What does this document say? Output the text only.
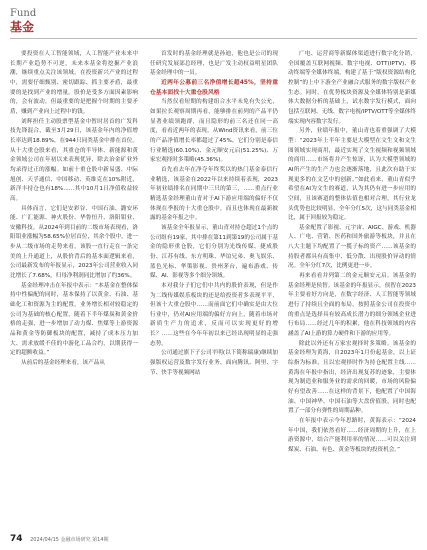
Fund
基金

要投资在人工智能领域，人工智能产业未来中长期产业趋势不可逆，未来本基金将挖掘产业浪潮，继续重点关注该领域。在投资新兴产业的过程中，需要仔细甄别、密切跟踪、抓主要矛盾，最重要的是找到产业的增量。股价是受多方面因素影响的，会有波动，但最重要的是把握个时期的主要矛盾，赚到产业向上过程中的钱。

刘辉担任主动股票型基金中暂时居首的广发科技先锋混合，截至3月29日，该基金年内的净值增长率达到18.89%，在944只同类基金中排在首位。从十大重仓股来看，其重仓的半导体、新能源和黄金领域公司在年初以来表现优异，除去治金矿业外均录得过正的涨幅。如前十重仓股中新易盛、中际旭创、天孚通信、中国移动、英维克在10%附近，新洋丰持仓也有18%……其中10月1日净值收益较高。

具体而言，它们是安彩谷、中国石油、潞安环能、广汇能源、神火股份、华鲁恒升、洛阳钼业、安徽科技。从2024年到目前的二级市场表现看，洛阳钼业涨幅为58.65%位居首位，其余个股中，进一步从二级市场的走势来看，该股一直行走在一条完美的上升通道上，从股价背后的基本面逻辑来看，公司最新发布的年报显示，2023年公司营业收入同比增长了7.68%，归母净利润同比增加了约36%。

基金经理冲击在年报中表示：“本基金在整体保持中性偏配的同时，基本保持了以黄金、石油、基础化工和资源为主的配置，业务增长相对较稳定的公司为基础的核心配置，随着下半年煤炭和黄金价格的走强，进一步增加了动力煤、焦煤等上游资源品和黄金等防御板块的配置，减持了成本压力加大、需求放缓不佳的中游化工品合约，以期获得一定的超额收益。”

从前后的基金经理来看，该产品从

首发时的基金经理就是孙迪，他也是公司的现任研究发展部总经理，也是广发主动权益明星团队基金经理中的一员。

近两年公募前三名净值增长超45%，坚持重仓基本面找十大重仓股风格

当然仅看短期的构建组合水平未免有失公允，如果拉长观察周期再看，能够排在前列的产品平仍显著业绩领跑群，而且隐形的前三名还在同一高度，看看近两年的表现。从Wind资讯来看，前三位的产品净值增长率都超过了45%，它们分别是泰信行业精选(60.10%)、金元顺安元启(51.25%)、万家宏观择时多策略(45.36%)。

首先看去年在净夺年终奖以的热门基金泰信行业精选，该基金在2022年以来持续着表现，2023年初业绩排名在同期中三只的第三，……重点行业精选基金经理董山青对于AI下游应用端的偏好不仅体现在季报的十大重仓股中，而且也体现在最新披露的基金年报之中。

该基金全年报显示，董山青对持仓超过1个点的公司组有19家，其中排在第11到第19的公司属于基金的隐形重仓股，它们分别为光线传媒、捷成股份、江苏有线、东方明珠、华谊兄弟、奥飞娱乐、蓝色光标、华策影视、贵州茅台，遍布游戏、传媒、AI、影视等多个细分领域。

本对我分子们它们中共内的股价表现，但是作为二线传媒娱乐板块的还是给投资者多表现平平，但该十大重仓股中……而前面它们中确实是由大位行业中，仍对AI应用端的偏好方向上，随着市场对新质生产力的追求，反而可以实现更好的增长？……这些在今年年初以来已经出现明显的走强态势。

公司通过旗下子公司平明(以下简称瑞康)继续加强版权运营及数字发行业务，面向腾讯、阿里、字节、快手等视频网站

广电、运营商等新媒体渠道进行数字化分销，全国覆盖互联网视频、数字电视、OTT(IPTV)、移动终端等全媒体终端，构建了基于“版权资源结构化控制”的上中下游全产业融合式服务的数字版权产业生态。同时，在优势板块资源及全媒体特别是新媒体大数据分析的基础上，试水数字发行模式，面向包括互联网、无线、数字电视/IPTV/OTT等全媒体终端实现内容数字发行。

另外，业绩年报中，董山青也着重强调了大模型：“2023年上半年主要是大模型在文生文和文生图领域实现商用，最近实现了文生视频和视频领域的商用……市场将并产生惊讶，认为大模型领域的AI所产生的生产力也会逐渐落地，且此次有助于实现更多的在文艺中的创新。”如此看来，董山青似乎希望在AI为文生的赛道，认为其仍有进一步应用的空间，且该赛道的整体估值也相对合理，其行业龙头优势也比较明显，全年分红5次，这与同类基金相比，属于回报较为稳定。

基金配置了影视、元宇宙、AIGC、游戏、机器人、广电、营销、医药和国外旅游等板块，并且在八大主题下均配置了一揽子标的资产……该基金的持股者都具有高集中、低分散、出现股价异动的情况。全年分红7次，比例更进一步。

再来看看并列第二的金元顺安元启。该基金的基金经理是侯智。该基金的年报显示，侯智在2023年主要看好方向是，在数字经济、人工智能等领域进行了持续且全面的布局。按照基金公司在投资中的重点是选择具有较高成长潜力的细分领域企业进行布局……经过几年的积累，他在科技领域的内容涵盖了AI上游的算力硬件和下游的应用等。

除此以外还有万家宏观择时多策略。该基金的基金经理为黄海，自2023年1月份起基金，以上证综指为标准，且以宏观择时作为持仓配置主线……黄海在年报中指出，经济出现复苏的迹象，主要体现为制造业和服务业的需求的回暖，市场的风险偏好有望改善……在这样的背景下，他配置了中国海油、中国神华、中国石油等大盘价值股，同时也配置了一部分有弹性的周期品种。

在年报中表示今年思路时，黄海表示：“2024年中国，我们依然看好……经济周期的上升，在上游资源中，结合产能利用率的情况……可以关注到煤炭、石油、有色、黄金等板块的投资机会。”

74 2024/04/15 金融市场研究 第14期
